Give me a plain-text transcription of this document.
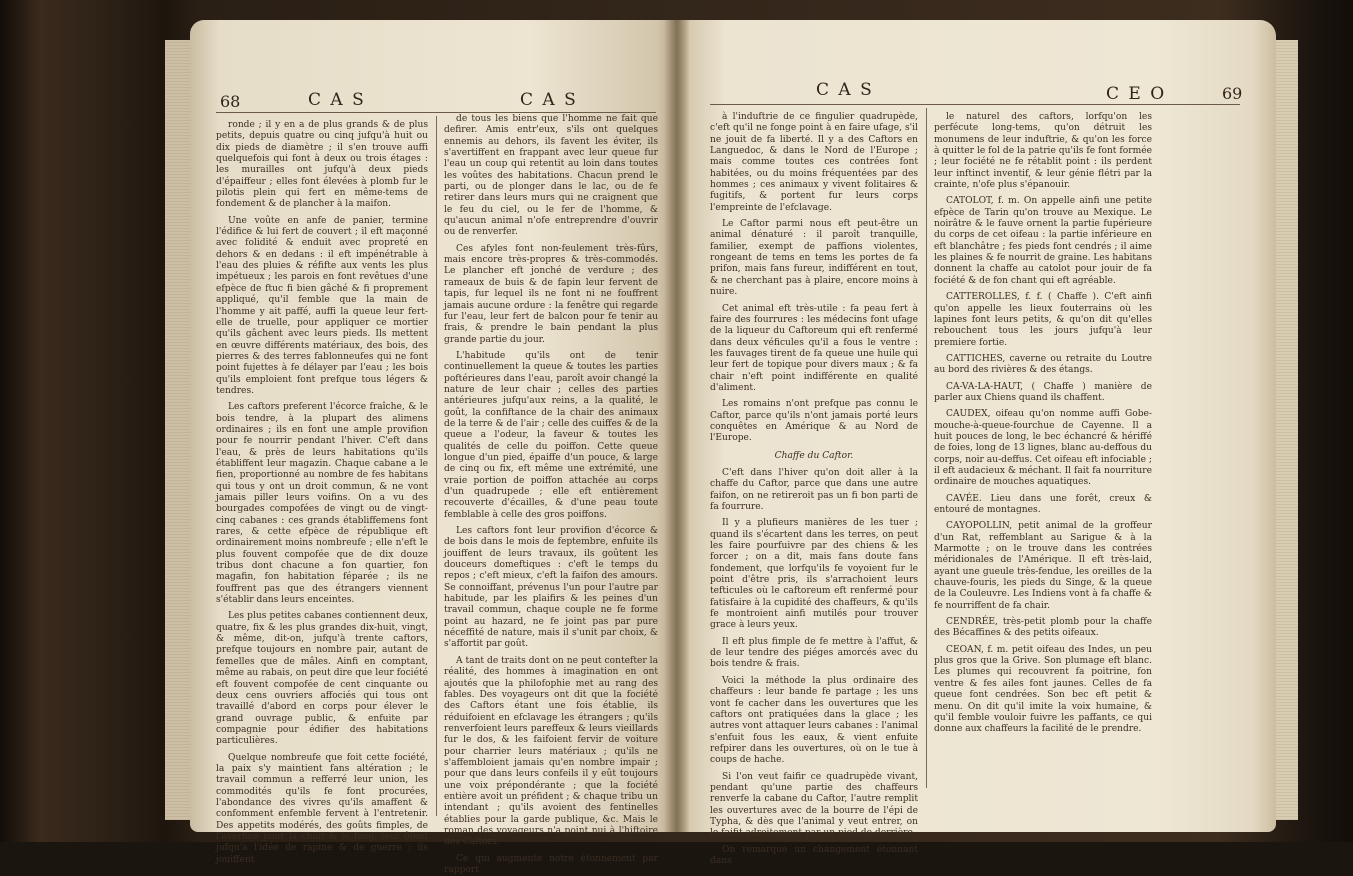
68	C A S	C A S

ronde ; il y en a de plus grands & de plus petits, depuis quatre ou cinq jufqu'à huit ou dix pieds de diamètre ; il s'en trouve auffi quelquefois qui font à deux ou trois étages : les murailles ont jufqu'à deux pieds d'épaiffeur ; elles font élevées à plomb fur le pilotis plein qui fert en même-tems de fondement & de plancher à la maifon.

Une voûte en anfe de panier, termine l'édifice & lui fert de couvert ; il eft maçonné avec folidité & enduit avec propreté en dehors & en dedans : il eft impénétrable à l'eau des pluies & réfifte aux vents les plus impétueux ; les parois en font revêtues d'une efpèce de ftuc fi bien gâché & fi proprement appliqué, qu'il femble que la main de l'homme y ait paffé, auffi la queue leur fert-elle de truelle, pour appliquer ce mortier qu'ils gâchent avec leurs pieds. Ils mettent en œuvre différents matériaux, des bois, des pierres & des terres fablonneufes qui ne font point fujettes à fe délayer par l'eau ; les bois qu'ils emploient font prefque tous légers & tendres.

Les caftors preferent l'écorce fraîche, & le bois tendre, à la plupart des alimens ordinaires ; ils en font une ample provifion pour fe nourrir pendant l'hiver. C'eft dans l'eau, & près de leurs habitations qu'ils établiffent leur magazin. Chaque cabane a le fien, proportionné au nombre de fes habitans qui tous y ont un droit commun, & ne vont jamais piller leurs voifins. On a vu des bourgades compofées de vingt ou de vingt-cinq cabanes : ces grands établiffemens font rares, & cette efpèce de république eft ordinairement moins nombreufe ; elle n'eft le plus fouvent compofée que de dix douze tribus dont chacune a fon quartier, fon magafin, fon habitation féparée ; ils ne fouffrent pas que des étrangers viennent s'établir dans leurs enceintes.

Les plus petites cabanes contiennent deux, quatre, fix & les plus grandes dix-huit, vingt, & même, dit-on, jufqu'à trente caftors, prefque toujours en nombre pair, autant de femelles que de mâles. Ainfi en comptant, même au rabais, on peut dire que leur fociété eft fouvent compofée de cent cinquante ou deux cens ouvriers affociés qui tous ont travaillé d'abord en corps pour élever le grand ouvrage public, & enfuite par compagnie pour édifier des habitations particulières.

Quelque nombreufe que foit cette fociété, la paix s'y maintient fans altération ; le travail commun a refferré leur union, les commodités qu'ils fe font procurées, l'abondance des vivres qu'ils amaffent & confomment enfemble fervent à l'entretenir. Des appetits modérés, des goûts fimples, de l'averfion pour la chair & le fang, leur ôtent jufqu'à l'idée de rapine & de guerre ; ils jouiffent

de tous les biens que l'homme ne fait que defirer. Amis entr'eux, s'ils ont quelques ennemis au dehors, ils favent les éviter, ils s'avertiffent en frappant avec leur queue fur l'eau un coup qui retentit au loin dans toutes les voûtes des habitations. Chacun prend le parti, ou de plonger dans le lac, ou de fe retirer dans leurs murs qui ne craignent que le feu du ciel, ou le fer de l'homme, & qu'aucun animal n'ofe entreprendre d'ouvrir ou de renverfer.

Ces afyles font non-feulement très-fûrs, mais encore très-propres & très-commodés. Le plancher eft jonché de verdure ; des rameaux de buis & de fapin leur fervent de tapis, fur lequel ils ne font ni ne fouffrent jamais aucune ordure : la fenêtre qui regarde fur l'eau, leur fert de balcon pour fe tenir au frais, & prendre le bain pendant la plus grande partie du jour.

L'habitude qu'ils ont de tenir continuellement la queue & toutes les parties poftérieures dans l'eau, paroît avoir changé la nature de leur chair ; celles des parties antérieures jufqu'aux reins, a la qualité, le goût, la confiftance de la chair des animaux de la terre & de l'air ; celle des cuiffes & de la queue a l'odeur, la faveur & toutes les qualités de celle du poiffon. Cette queue longue d'un pied, épaiffe d'un pouce, & large de cinq ou fix, eft même une extrémité, une vraie portion de poiffon attachée au corps d'un quadrupede ; elle eft entièrement recouverte d'écailles, & d'une peau toute femblable à celle des gros poiffons.

Les caftors font leur provifion d'écorce & de bois dans le mois de feptembre, enfuite ils jouiffent de leurs travaux, ils goûtent les douceurs domeftiques : c'eft le temps du repos ; c'eft mieux, c'eft la faifon des amours. Se connoiffant, prévenus l'un pour l'autre par habitude, par les plaifirs & les peines d'un travail commun, chaque couple ne fe forme point au hazard, ne fe joint pas par pure néceffité de nature, mais il s'unit par choix, & s'affortit par goût.

A tant de traits dont on ne peut contefter la réalité, des hommes à imagination en ont ajoutés que la philofophie met au rang des fables. Des voyageurs ont dit que la fociété des Caftors étant une fois établie, ils réduifoient en efclavage les étrangers ; qu'ils renverfoient leurs pareffeux & leurs vieillards fur le dos, & les faifoient fervir de voiture pour charrier leurs matériaux ; qu'ils ne s'affembloient jamais qu'en nombre impair ; pour que dans leurs confeils il y eût toujours une voix prépondérante ; que la fociété entière avoit un préfident ; & chaque tribu un intendant ; qu'ils avoient des fentinelles établies pour la garde publique, &c. Mais le roman des voyageurs n'a point nui à l'hiftoire des Caftors.

Ce qui augmente notre étonnement par rapport

C A S	C E O	69

à l'induftrie de ce fingulier quadrupède, c'eft qu'il ne fonge point à en faire ufage, s'il ne jouit de fa liberté. Il y a des Caftors en Languedoc, & dans le Nord de l'Europe ; mais comme toutes ces contrées font habitées, ou du moins fréquentées par des hommes ; ces animaux y vivent folitaires & fugitifs, & portent fur leurs corps l'empreinte de l'efclavage.

Le Caftor parmi nous eft peut-être un animal dénaturé : il paroît tranquille, familier, exempt de paffions violentes, rongeant de tems en tems les portes de fa prifon, mais fans fureur, indifférent en tout, & ne cherchant pas à plaire, encore moins à nuire.

Cet animal eft très-utile : fa peau fert à faire des fourrures : les médecins font ufage de la liqueur du Caftoreum qui eft renfermé dans deux véficules qu'il a fous le ventre : les fauvages tirent de fa queue une huile qui leur fert de topique pour divers maux ; & fa chair n'eft point indifférente en qualité d'aliment.

Les romains n'ont prefque pas connu le Caftor, parce qu'ils n'ont jamais porté leurs conquêtes en Amérique & au Nord de l'Europe.

Chaffe du Caftor.

C'eft dans l'hiver qu'on doit aller à la chaffe du Caftor, parce que dans une autre faifon, on ne retireroit pas un fi bon parti de fa fourrure.

Il y a plufieurs manières de les tuer ; quand ils s'écartent dans les terres, on peut les faire pourfuivre par des chiens & les forcer ; on a dit, mais fans doute fans fondement, que lorfqu'ils fe voyoient fur le point d'être pris, ils s'arrachoient leurs tefticules où le caftoreum eft renfermé pour fatisfaire à la cupidité des chaffeurs, & qu'ils fe montroient ainfi mutilés pour trouver grace à leurs yeux.

Il eft plus fimple de fe mettre à l'affut, & de leur tendre des piéges amorcés avec du bois tendre & frais.

Voici la méthode la plus ordinaire des chaffeurs : leur bande fe partage ; les uns vont fe cacher dans les ouvertures que les caftors ont pratiquées dans la glace ; les autres vont attaquer leurs cabanes : l'animal s'enfuit fous les eaux, & vient enfuite refpirer dans les ouvertures, où on le tue à coups de hache.

Si l'on veut faifir ce quadrupède vivant, pendant qu'une partie des chaffeurs renverfe la cabane du Caftor, l'autre remplit les ouvertures avec de la bourre de l'épi de Typha, & dès que l'animal y veut entrer, on le faifit adroitement par un pied de derrière.

On remarque un changement étonnant dans

le naturel des caftors, lorfqu'on les perfécute long-tems, qu'on détruit les monumens de leur induftrie, & qu'on les force à quitter le fol de la patrie qu'ils fe font formée ; leur fociété ne fe rétablit point : ils perdent leur inftinct inventif, & leur génie flétri par la crainte, n'ofe plus s'épanouir.

CATOLOT, f. m. On appelle ainfi une petite efpèce de Tarin qu'on trouve au Mexique. Le noirâtre & le fauve ornent la partie fupérieure du corps de cet oifeau : la partie inférieure en eft blanchâtre ; fes pieds font cendrés ; il aime les plaines & fe nourrit de graine. Les habitans donnent la chaffe au catolot pour jouir de fa fociété & de fon chant qui eft agréable.

CATTEROLLES, f. f. ( Chaffe ). C'eft ainfi qu'on appelle les lieux fouterrains où les lapines font leurs petits, & qu'on dit qu'elles rebouchent tous les jours jufqu'à leur premiere fortie.

CATTICHES, caverne ou retraite du Loutre au bord des rivières & des étangs.

CA-VA-LA-HAUT, ( Chaffe ) manière de parler aux Chiens quand ils chaffent.

CAUDEX, oifeau qu'on nomme auffi Gobe-mouche-à-queue-fourchue de Cayenne. Il a huit pouces de long, le bec échancré & hériffé de foies, long de 13 lignes, blanc au-deffous du corps, noir au-deffus. Cet oifeau eft infociable ; il eft audacieux & méchant. Il fait fa nourriture ordinaire de mouches aquatiques.

CAVÉE. Lieu dans une forêt, creux & entouré de montagnes.

CAYOPOLLIN, petit animal de la groffeur d'un Rat, reffemblant au Sarigue & à la Marmotte ; on le trouve dans les contrées méridionales de l'Amérique. Il eft très-laid, ayant une gueule très-fendue, les oreilles de la chauve-fouris, les pieds du Singe, & la queue de la Couleuvre. Les Indiens vont à fa chaffe & fe nourriffent de fa chair.

CENDRÉE, très-petit plomb pour la chaffe des Bécaffines & des petits oifeaux.

CEOAN, f. m. petit oifeau des Indes, un peu plus gros que la Grive. Son plumage eft blanc. Les plumes qui recouvrent fa poitrine, fon ventre & fes ailes font jaunes. Celles de fa queue font cendrées. Son bec eft petit & menu. On dit qu'il imite la voix humaine, & qu'il femble vouloir fuivre les paffants, ce qui donne aux chaffeurs la facilité de le prendre.
